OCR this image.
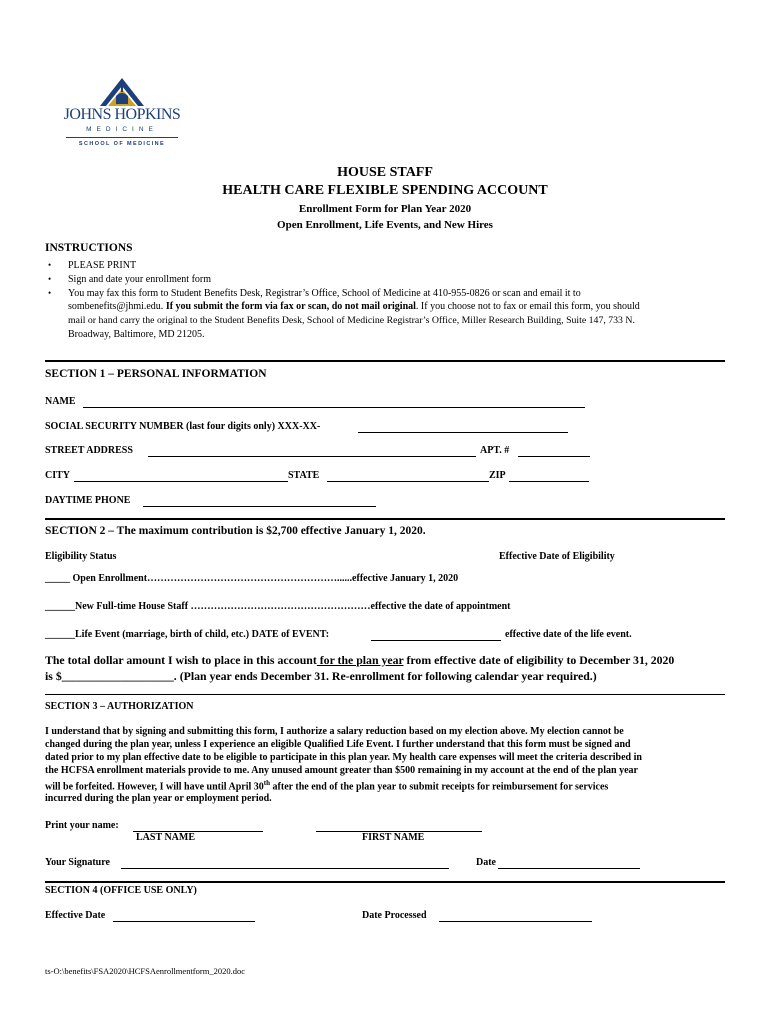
JOHNS HOPKINS
MEDICINE
SCHOOL OF MEDICINE
HOUSE STAFF
HEALTH CARE FLEXIBLE SPENDING ACCOUNT
Enrollment Form for Plan Year 2020
Open Enrollment, Life Events, and New Hires
INSTRUCTIONS
• PLEASE PRINT
• Sign and date your enrollment form
• You may fax this form to Student Benefits Desk, Registrar’s Office, School of Medicine at 410-955-0826 or scan and email it to
sombenefits@jhmi.edu. If you submit the form via fax or scan, do not mail original. If you choose not to fax or email this form, you should
mail or hand carry the original to the Student Benefits Desk, School of Medicine Registrar’s Office, Miller Research Building, Suite 147, 733 N.
Broadway, Baltimore, MD 21205.
SECTION 1 – PERSONAL INFORMATION
NAME
SOCIAL SECURITY NUMBER (last four digits only) XXX-XX-
STREET ADDRESS	APT. #
CITY	STATE	ZIP
DAYTIME PHONE
SECTION 2 – The maximum contribution is $2,700 effective January 1, 2020.
Eligibility Status	Effective Date of Eligibility
_____ Open Enrollment…………………………………………………......effective January 1, 2020
______New Full-time House Staff ………………………………………………effective the date of appointment
______Life Event (marriage, birth of child, etc.) DATE of EVENT:	effective date of the life event.
The total dollar amount I wish to place in this account for the plan year from effective date of eligibility to December 31, 2020
is $___________________. (Plan year ends December 31. Re-enrollment for following calendar year required.)
SECTION 3 – AUTHORIZATION
I understand that by signing and submitting this form, I authorize a salary reduction based on my election above. My election cannot be
changed during the plan year, unless I experience an eligible Qualified Life Event. I further understand that this form must be signed and
dated prior to my plan effective date to be eligible to participate in this plan year. My health care expenses will meet the criteria described in
the HCFSA enrollment materials provide to me. Any unused amount greater than $500 remaining in my account at the end of the plan year
will be forfeited. However, I will have until April 30th after the end of the plan year to submit receipts for reimbursement for services
incurred during the plan year or employment period.
Print your name:
LAST NAME	FIRST NAME
Your Signature	Date
SECTION 4 (OFFICE USE ONLY)
Effective Date	Date Processed
ts-O:\benefits\FSA2020\HCFSAenrollmentform_2020.doc
